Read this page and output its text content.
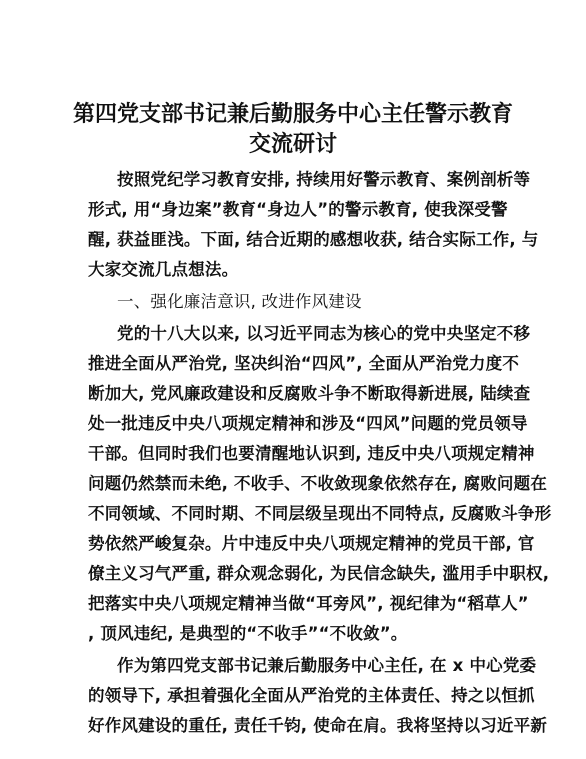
第四党支部书记兼后勤服务中心主任警示教育
交流研讨
按照党纪学习教育安排, 持续用好警示教育、案例剖析等
形式, 用“身边案”教育“身边人”的警示教育, 使我深受警
醒, 获益匪浅。下面, 结合近期的感想收获, 结合实际工作, 与
大家交流几点想法。
一、强化廉洁意识, 改进作风建设
党的十八大以来, 以习近平同志为核心的党中央坚定不移
推进全面从严治党, 坚决纠治“四风”, 全面从严治党力度不
断加大, 党风廉政建设和反腐败斗争不断取得新进展, 陆续查
处一批违反中央八项规定精神和涉及“四风”问题的党员领导
干部。但同时我们也要清醒地认识到, 违反中央八项规定精神
问题仍然禁而未绝, 不收手、不收敛现象依然存在, 腐败问题在
不同领域、不同时期、不同层级呈现出不同特点, 反腐败斗争形
势依然严峻复杂。片中违反中央八项规定精神的党员干部, 官
僚主义习气严重, 群众观念弱化, 为民信念缺失, 滥用手中职权,
把落实中央八项规定精神当做“耳旁风”, 视纪律为“稻草人”
, 顶风违纪, 是典型的“不收手”“不收敛”。
作为第四党支部书记兼后勤服务中心主任, 在 x 中心党委
的领导下, 承担着强化全面从严治党的主体责任、持之以恒抓
好作风建设的重任, 责任千钧, 使命在肩。我将坚持以习近平新
